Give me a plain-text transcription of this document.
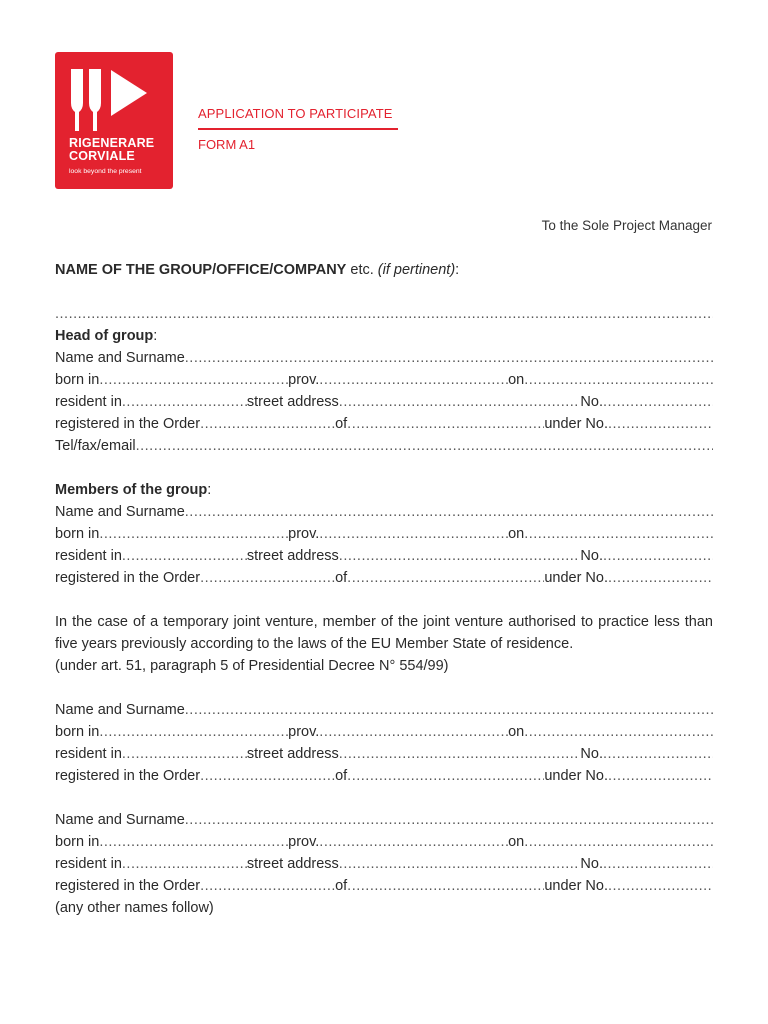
RIGENERARE
CORVIALE
look beyond the present
APPLICATION TO PARTICIPATE
FORM A1
To the Sole Project Manager
NAME OF THE GROUP/OFFICE/COMPANY etc. (if pertinent):
.....
Head of group:
Name and Surname
.....
born in .....	prov. .....	on
.....
resident in .....	street address .....	No.
.....
registered in the Order .....	of .....	under No.
.....
Tel/fax/email
.....
Members of the group:
Name and Surname
.....
born in .....	prov. .....	on
.....
resident in .....	street address .....	No.
.....
registered in the Order .....	of .....	under No.
.....
In the case of a temporary joint venture, member of the joint venture authorised to practice less than five years previously according to the laws of the EU Member State of residence.
(under art. 51, paragraph 5 of Presidential Decree N° 554/99)
Name and Surname
.....
born in .....	prov. .....	on
.....
resident in .....	street address .....	No.
.....
registered in the Order .....	of .....	under No.
.....
Name and Surname
.....
born in .....	prov. .....	on
.....
resident in .....	street address .....	No.
.....
registered in the Order .....	of .....	under No.
.....
(any other names follow)
